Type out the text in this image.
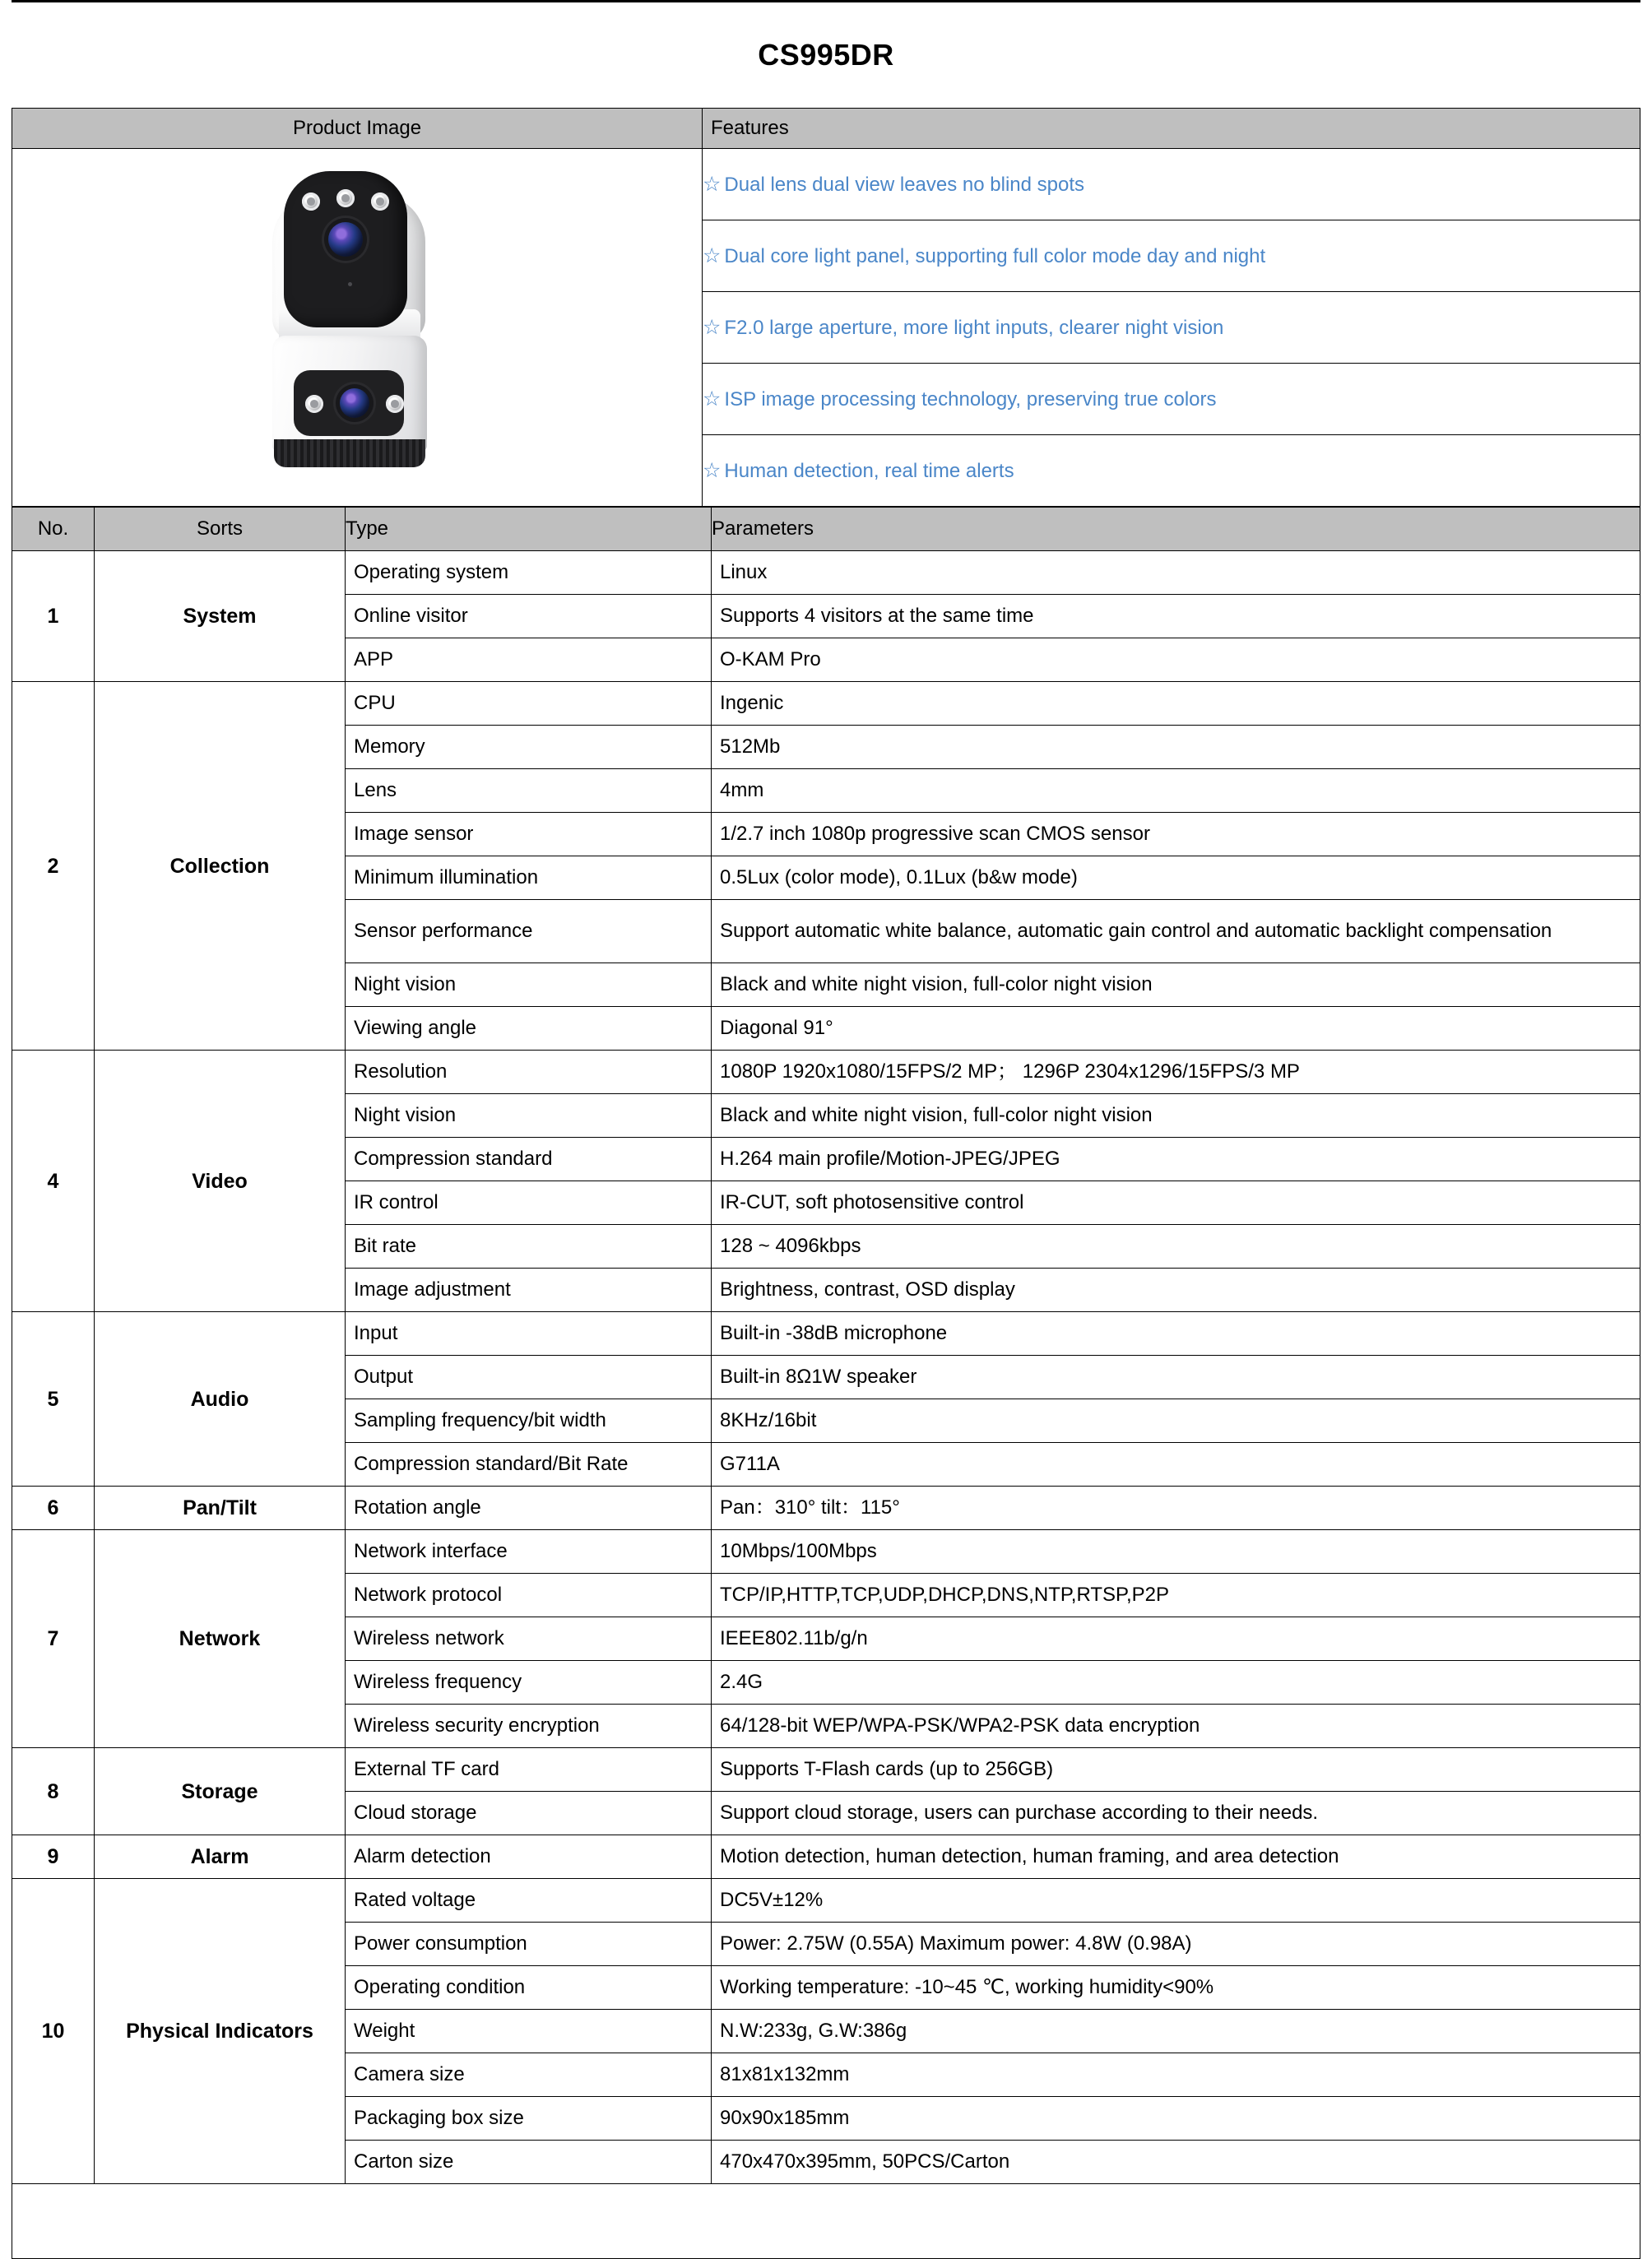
CS995DR
Product Image	Features

	☆ Dual lens dual view leaves no blind spots
	☆ Dual core light panel, supporting full color mode day and night
	☆ F2.0 large aperture, more light inputs, clearer night vision
	☆ ISP image processing technology, preserving true colors
	☆ Human detection, real time alerts
No.	Sorts	Type	Parameters
1	System	Operating system	Linux
		Online visitor	Supports 4 visitors at the same time
		APP	O-KAM Pro
2	Collection	CPU	Ingenic
		Memory	512Mb
		Lens	4mm
		Image sensor	1/2.7 inch 1080p progressive scan CMOS sensor
		Minimum illumination	0.5Lux (color mode), 0.1Lux (b&w mode)
		Sensor performance	Support automatic white balance, automatic gain control and automatic backlight compensation
		Night vision	Black and white night vision, full-color night vision
		Viewing angle	Diagonal 91°
4	Video	Resolution	1080P 1920x1080/15FPS/2 MP； 1296P 2304x1296/15FPS/3 MP
		Night vision	Black and white night vision, full-color night vision
		Compression standard	H.264 main profile/Motion-JPEG/JPEG
		IR control	IR-CUT, soft photosensitive control
		Bit rate	128 ~ 4096kbps
		Image adjustment	Brightness, contrast, OSD display
5	Audio	Input	Built-in -38dB microphone
		Output	Built-in 8Ω1W speaker
		Sampling frequency/bit width	8KHz/16bit
		Compression standard/Bit Rate	G711A
6	Pan/Tilt	Rotation angle	Pan：310° tilt：115°
7	Network	Network interface	10Mbps/100Mbps
		Network protocol	TCP/IP,HTTP,TCP,UDP,DHCP,DNS,NTP,RTSP,P2P
		Wireless network	IEEE802.11b/g/n
		Wireless frequency	2.4G
		Wireless security encryption	64/128-bit WEP/WPA-PSK/WPA2-PSK data encryption
8	Storage	External TF card	Supports T-Flash cards (up to 256GB)
		Cloud storage	Support cloud storage, users can purchase according to their needs.
9	Alarm	Alarm detection	Motion detection, human detection, human framing, and area detection
10	Physical Indicators	Rated voltage	DC5V±12%
		Power consumption	Power: 2.75W (0.55A) Maximum power: 4.8W (0.98A)
		Operating condition	Working temperature: -10~45 ℃, working humidity<90%
		Weight	N.W:233g, G.W:386g
		Camera size	81x81x132mm
		Packaging box size	90x90x185mm
		Carton size	470x470x395mm, 50PCS/Carton
